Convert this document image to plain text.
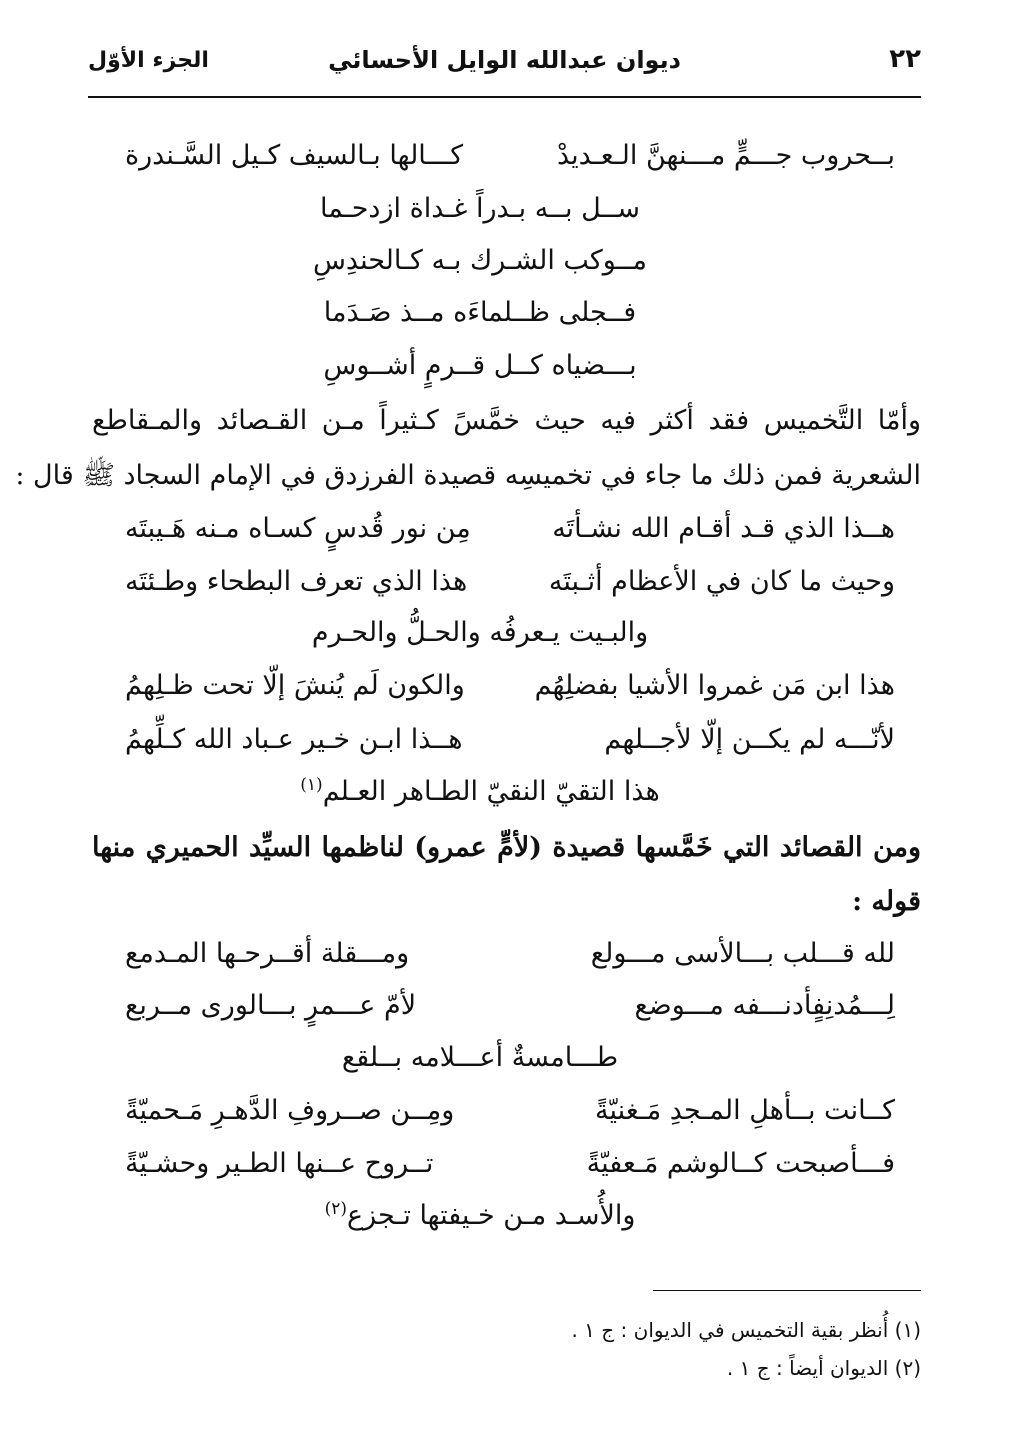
٢٢
ديوان عبدالله الوايل الأحسائي
الجزء الأوّل
بــحروب جـــمٍّ مـــنهنَّ الـعـديدْ
كـــالها بـالسيف كـيل السَّـندرة
ســل بــه بـدراً غـداة ازدحـما
مــوكب الشـرك بـه كـالحندِسِ
فــجلى ظــلماءَه مــذ صَـدَما
بـــضياه كــل قــرمٍ أشــوسِ
وأمّا التَّخميس فقد أكثر فيه حيث خمَّسً كـثيراً مـن القـصائد والمـقاطع
الشعرية فمن ذلك ما جاء في تخميسِه قصيدة الفرزدق في الإمام السجاد ﷺ قال :
هــذا الذي قـد أقـام الله نشـأتَه
مِن نور قُدسٍ كسـاه مـنه هَـيبتَه
وحيث ما كان في الأعظام أثـبتَه
هذا الذي تعرف البطحاء وطـئتَه
والبـيت يـعرفُه والحـلُّ والحـرم
هذا ابن مَن غمروا الأشيا بفضلِهُم
والكون لَم يُنشَ إلّا تحت ظـلِهمُ
لأنّـــه لم يكــن إلّا لأجــلهم
هــذا ابـن خـير عـباد الله كـلِّهمُ
هذا التقيّ النقيّ الطـاهر العـلم$^{(١)}$
ومن القصائد التي خَمَّسها قصيدة (لأمٍّ عمرو) لناظمها السيِّد الحميري منها
قوله :
لله قـــلب بـــالأسى مـــولع
ومـــقلة أقــرحـها المـدمع
لِـــمُدنِفٍأدنـــفه مـــوضع
لأمّ عـــمرٍ بـــالورى مــربع
طـــامسةٌ أعـــلامه بــلقع
كــانت بــأهلِ المـجدِ مَـغنيّةً
ومِــن صــروفِ الدَّهـرِ مَـحميّةً
فـــأصبحت كــالوشم مَـعفيّةً
تــروح عــنها الطـير وحشـيّةً
والأُسـد مـن خـيفتها تـجزع$^{(٢)}$
(١) أُنظر بقية التخميس في الديوان : ج ١ .
(٢) الديوان أيضاً : ج ١ .
